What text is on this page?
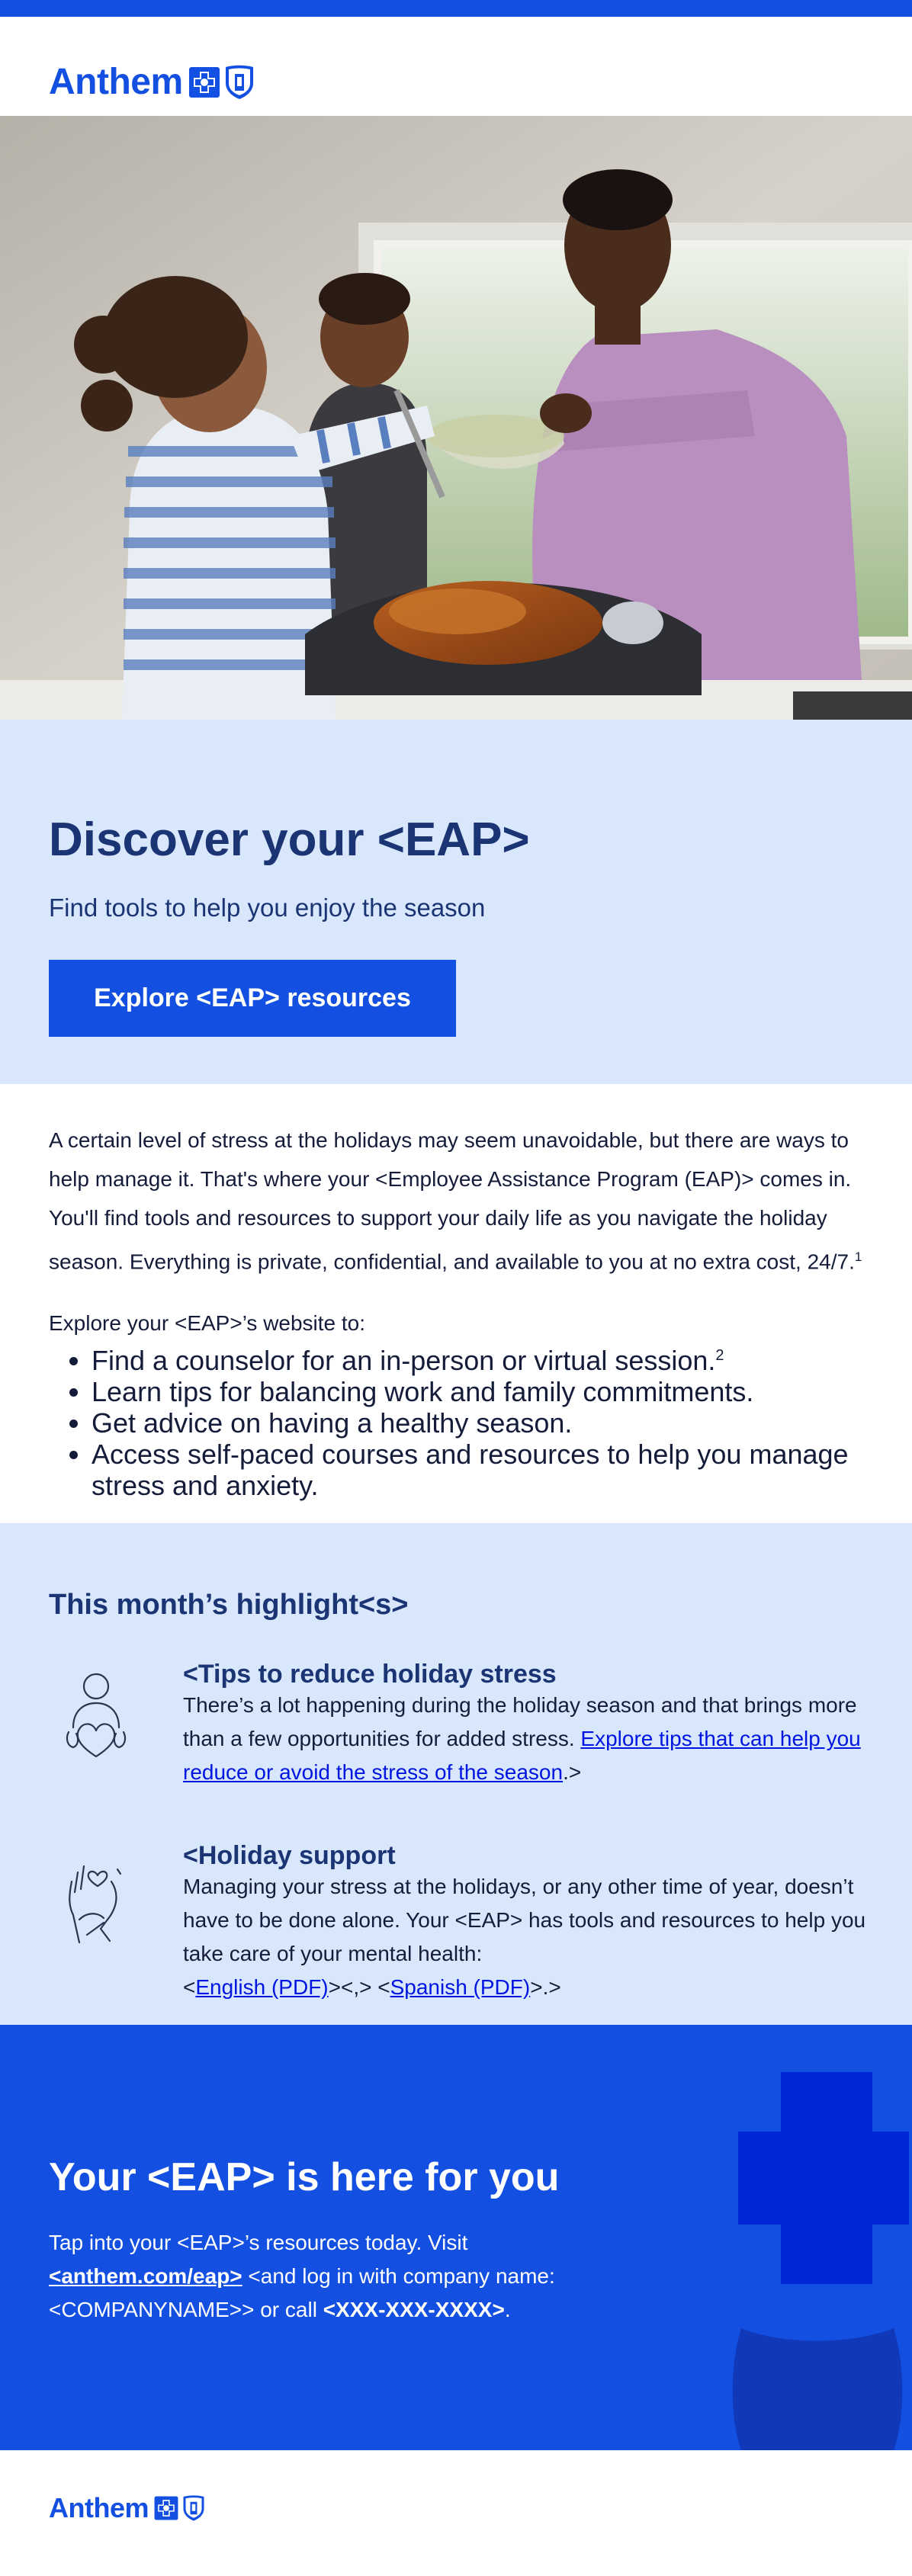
Anthem
Discover your <EAP>
Find tools to help you enjoy the season
Explore <EAP> resources

A certain level of stress at the holidays may seem unavoidable, but there are ways to help manage it. That's where your <Employee Assistance Program (EAP)> comes in. You'll find tools and resources to support your daily life as you navigate the holiday season. Everything is private, confidential, and available to you at no extra cost, 24/7.$^1$

Explore your <EAP>’s website to:

• Find a counselor for an in-person or virtual session.$^2$
• Learn tips for balancing work and family commitments.
• Get advice on having a healthy season.
• Access self-paced courses and resources to help you manage stress and anxiety.
This month’s highlight<s>
<Tips to reduce holiday stress

There’s a lot happening during the holiday season and that brings more than a few opportunities for added stress. Explore tips that can help you reduce or avoid the stress of the season.>

<Holiday support

Managing your stress at the holidays, or any other time of year, doesn’t have to be done alone. Your <EAP> has tools and resources to help you take care of your mental health:
<English (PDF)><,> <Spanish (PDF)>.>

Your <EAP> is here for you

Tap into your <EAP>’s resources today. Visit <anthem.com/eap> <and log in with company name: <COMPANYNAME>> or call <XXX-XXX-XXXX>.

Anthem
